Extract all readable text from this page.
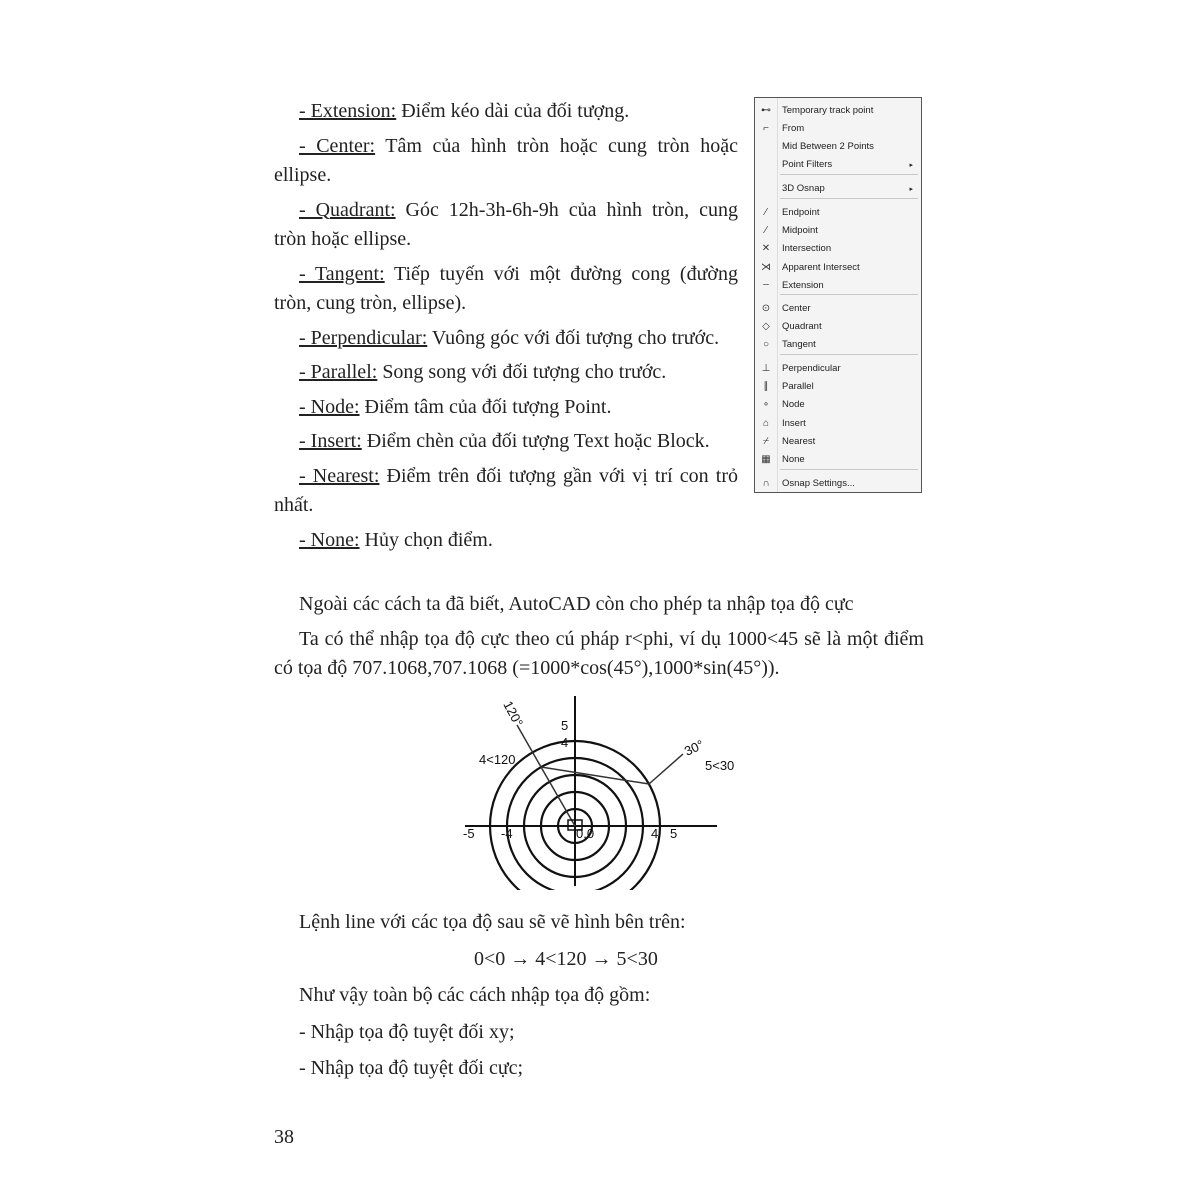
- Extension: Điểm kéo dài của đối tượng.

- Center: Tâm của hình tròn hoặc cung tròn hoặc ellipse.

- Quadrant: Góc 12h-3h-6h-9h của hình tròn, cung tròn hoặc ellipse.

- Tangent: Tiếp tuyến với một đường cong (đường tròn, cung tròn, ellipse).

- Perpendicular: Vuông góc với đối tượng cho trước.

- Parallel: Song song với đối tượng cho trước.

- Node: Điểm tâm của đối tượng Point.

- Insert: Điểm chèn của đối tượng Text hoặc Block.

- Nearest: Điểm trên đối tượng gần với vị trí con trỏ nhất.

- None: Hủy chọn điểm.

Ngoài các cách ta đã biết, AutoCAD còn cho phép ta nhập tọa độ cực

Ta có thể nhập tọa độ cực theo cú pháp r<phi, ví dụ 1000<45 sẽ là một điểm có tọa độ 707.1068,707.1068 (=1000*cos(45°),1000*sin(45°)).

⊷	Temporary track point
⌐	From
Mid Between 2 Points
Point Filters	▸
3D Osnap	▸
⁄	Endpoint
∕	Midpoint
✕	Intersection
⋊	Apparent Intersect
┄	Extension
⊙	Center
◇	Quadrant
○	Tangent
⊥	Perpendicular
∥	Parallel
∘	Node
⌂	Insert
⌿	Nearest
▦	None
∩	Osnap Settings...
-5 -4	4 5
5
4
0,0
4<120	5<30
30°
120°

Lệnh line với các tọa độ sau sẽ vẽ hình bên trên:

0<0 → 4<120 → 5<30

Như vậy toàn bộ các cách nhập tọa độ gồm:

- Nhập tọa độ tuyệt đối xy;

- Nhập tọa độ tuyệt đối cực;

38
